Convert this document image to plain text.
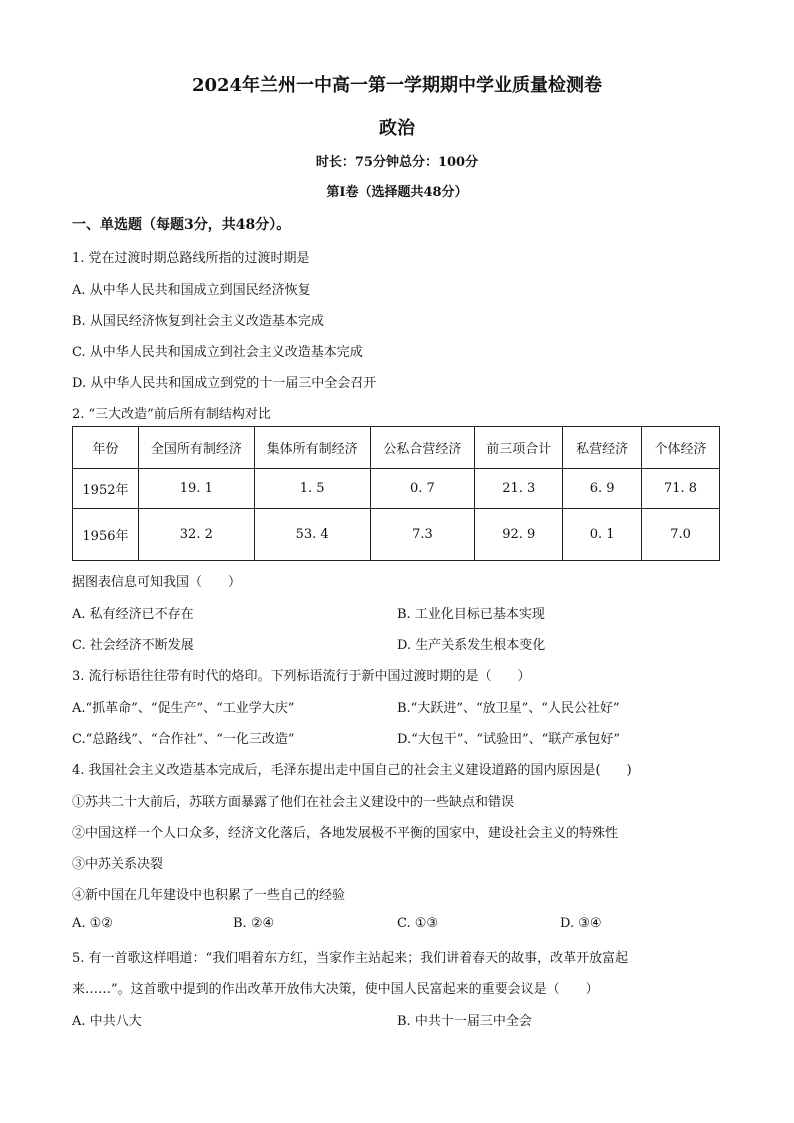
2024年兰州一中高一第一学期期中学业质量检测卷
政治
时长：75分钟总分：100分
第Ⅰ卷（选择题共48分）
一、单选题（每题3分，共48分）。
1. 党在过渡时期总路线所指的过渡时期是
A. 从中华人民共和国成立到国民经济恢复
B. 从国民经济恢复到社会主义改造基本完成
C. 从中华人民共和国成立到社会主义改造基本完成
D. 从中华人民共和国成立到党的十一届三中全会召开
2. “三大改造”前后所有制结构对比
年份	全国所有制经济	集体所有制经济	公私合营经济	前三项合计	私营经济	个体经济
1952年	19. 1	1. 5	0. 7	21. 3	6. 9	71. 8
1956年	32. 2	53. 4	7.3	92. 9	0. 1	7.0
据图表信息可知我国（　　）
A. 私有经济已不存在	B. 工业化目标已基本实现
C. 社会经济不断发展	D. 生产关系发生根本变化
3. 流行标语往往带有时代的烙印。下列标语流行于新中国过渡时期的是（　　）
A.“抓革命”、“促生产”、“工业学大庆”	B.“大跃进”、“放卫星”、“人民公社好”
C.“总路线”、“合作社”、“一化三改造”	D.“大包干”、“试验田”、“联产承包好”
4. 我国社会主义改造基本完成后，毛泽东提出走中国自己的社会主义建设道路的国内原因是(　　)
①苏共二十大前后，苏联方面暴露了他们在社会主义建设中的一些缺点和错误
②中国这样一个人口众多，经济文化落后，各地发展极不平衡的国家中，建设社会主义的特殊性
③中苏关系决裂
④新中国在几年建设中也积累了一些自己的经验
A. ①②	B. ②④	C. ①③	D. ③④
5. 有一首歌这样唱道：“我们唱着东方红，当家作主站起来；我们讲着春天的故事，改革开放富起
来……”。这首歌中提到的作出改革开放伟大决策，使中国人民富起来的重要会议是（　　）
A. 中共八大	B. 中共十一届三中全会
